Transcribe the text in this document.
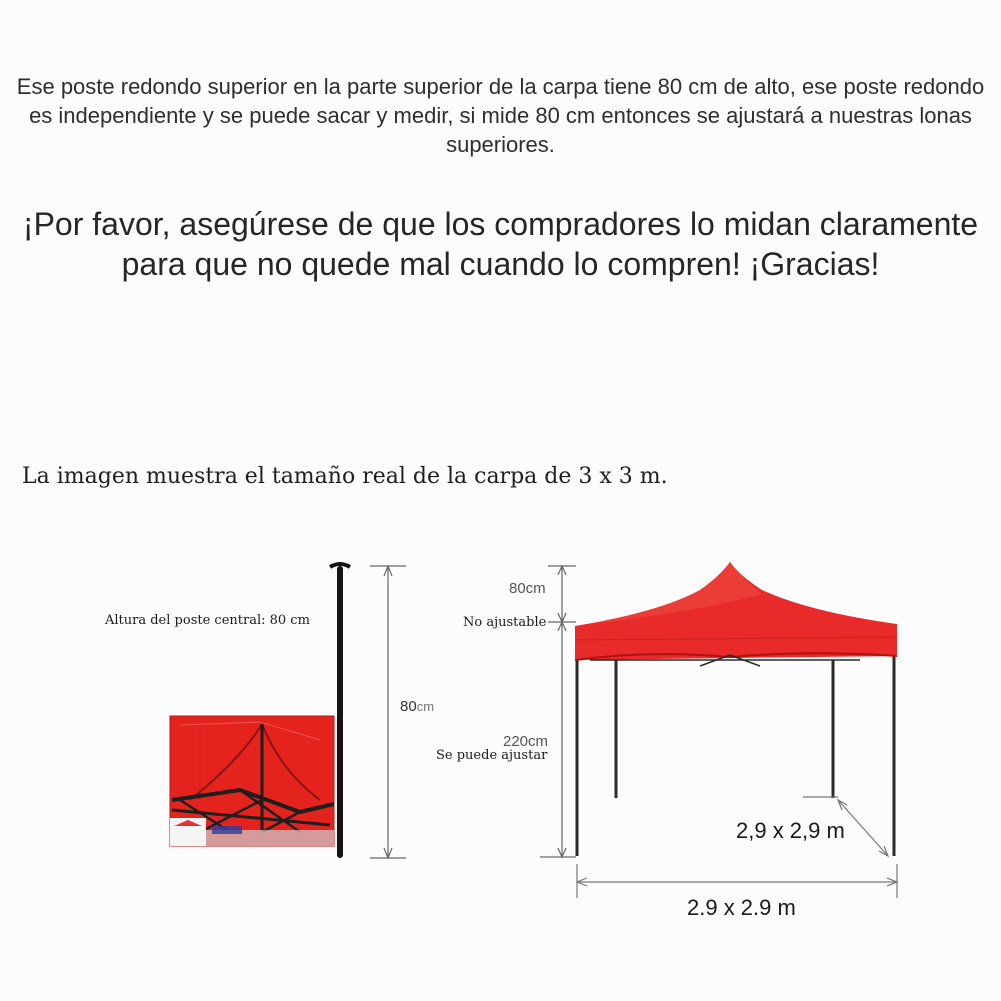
Ese poste redondo superior en la parte superior de la carpa tiene 80 cm de alto, ese poste redondo es independiente y se puede sacar y medir, si mide 80 cm entonces se ajustará a nuestras lonas superiores.
¡Por favor, asegúrese de que los compradores lo midan claramente para que no quede mal cuando lo compren! ¡Gracias!
La imagen muestra el tamaño real de la carpa de 3 x 3 m.
Altura del poste central: 80 cm
80cm
80cm
No ajustable
220cm
Se puede ajustar
2,9 x 2,9 m
2.9 x 2.9 m
